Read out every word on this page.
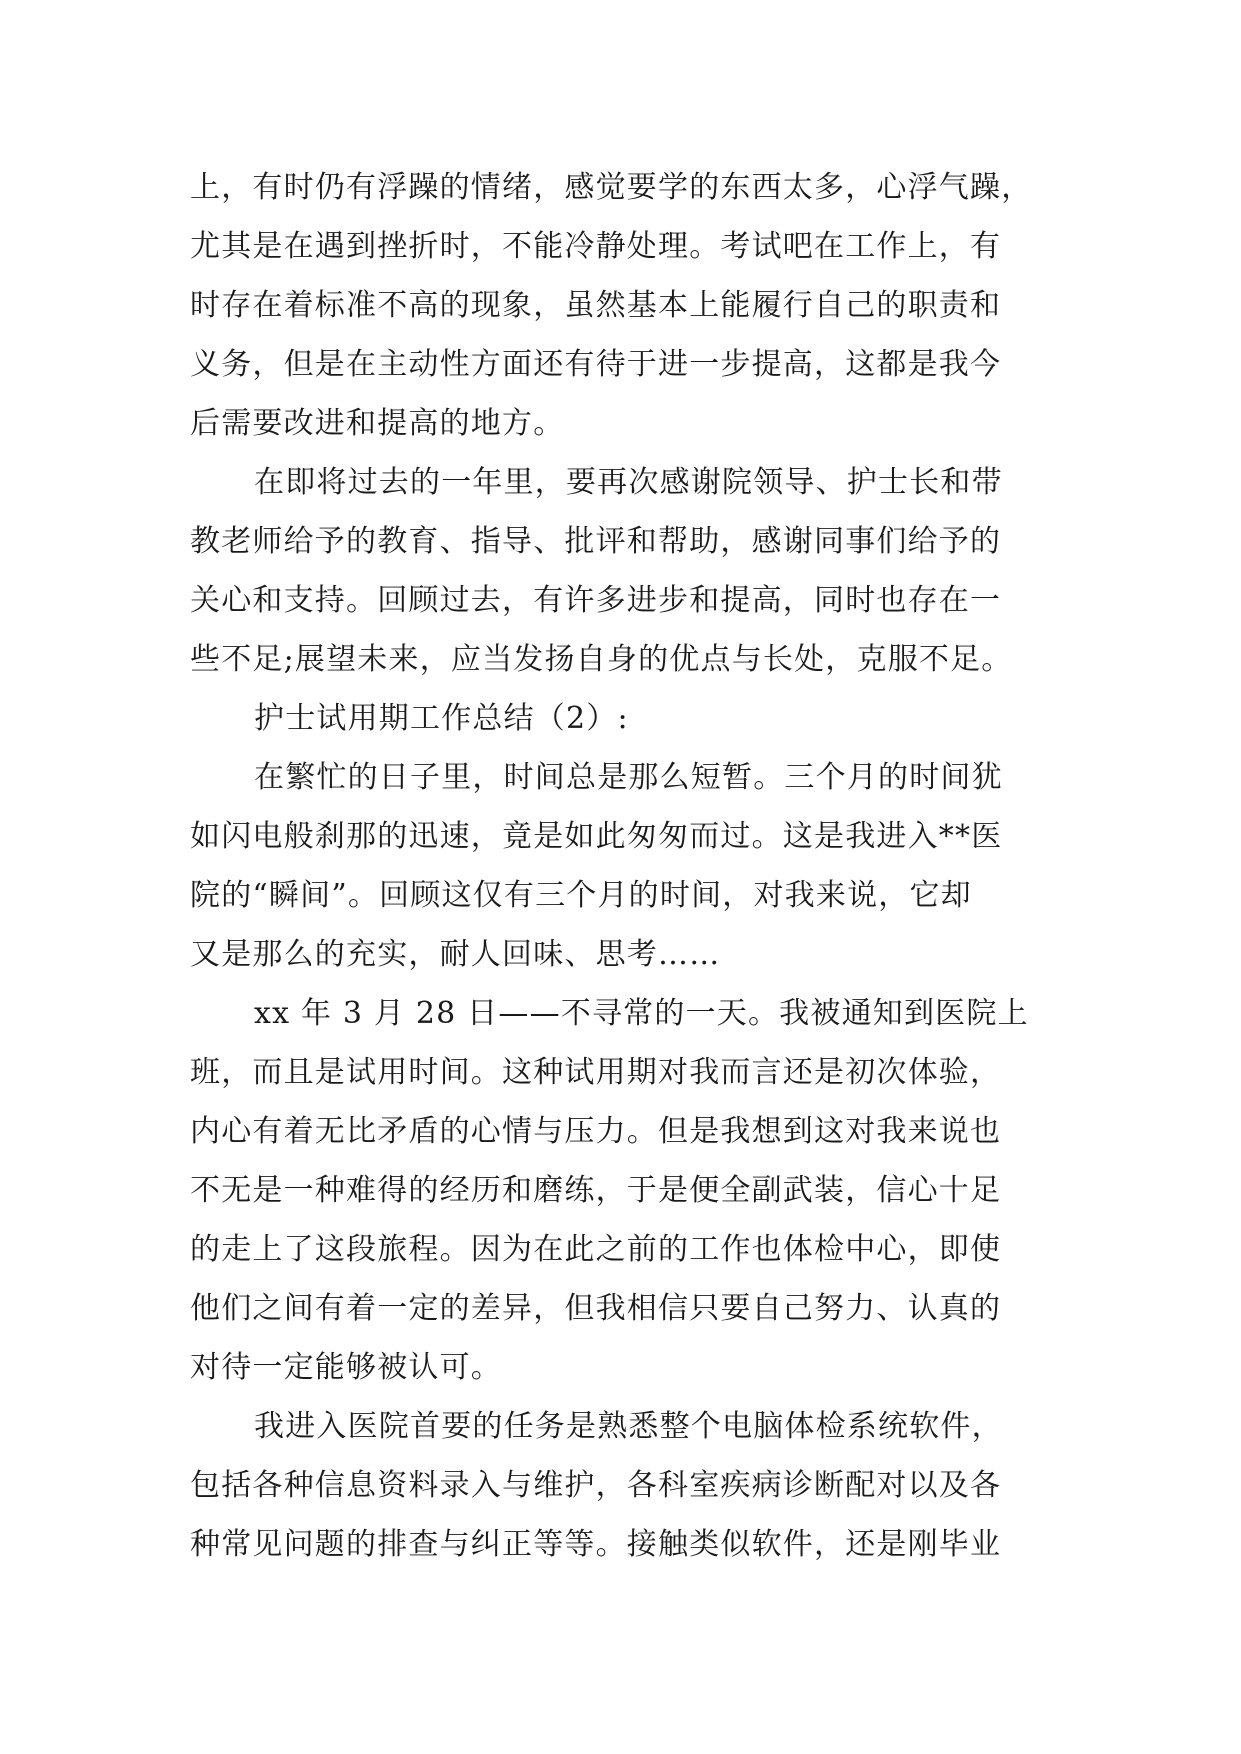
上，有时仍有浮躁的情绪，感觉要学的东西太多，心浮气躁，
尤其是在遇到挫折时，不能冷静处理。考试吧在工作上，有
时存在着标准不高的现象，虽然基本上能履行自己的职责和
义务，但是在主动性方面还有待于进一步提高，这都是我今
后需要改进和提高的地方。
在即将过去的一年里，要再次感谢院领导、护士长和带
教老师给予的教育、指导、批评和帮助，感谢同事们给予的
关心和支持。回顾过去，有许多进步和提高，同时也存在一
些不足;展望未来，应当发扬自身的优点与长处，克服不足。
护士试用期工作总结（2）:
在繁忙的日子里，时间总是那么短暂。三个月的时间犹
如闪电般刹那的迅速，竟是如此匆匆而过。这是我进入**医
院的“瞬间”。回顾这仅有三个月的时间，对我来说，它却
又是那么的充实，耐人回味、思考……
xx 年 3 月 28 日——不寻常的一天。我被通知到医院上
班，而且是试用时间。这种试用期对我而言还是初次体验，
内心有着无比矛盾的心情与压力。但是我想到这对我来说也
不无是一种难得的经历和磨练，于是便全副武装，信心十足
的走上了这段旅程。因为在此之前的工作也体检中心，即使
他们之间有着一定的差异，但我相信只要自己努力、认真的
对待一定能够被认可。
我进入医院首要的任务是熟悉整个电脑体检系统软件，
包括各种信息资料录入与维护，各科室疾病诊断配对以及各
种常见问题的排查与纠正等等。接触类似软件，还是刚毕业
